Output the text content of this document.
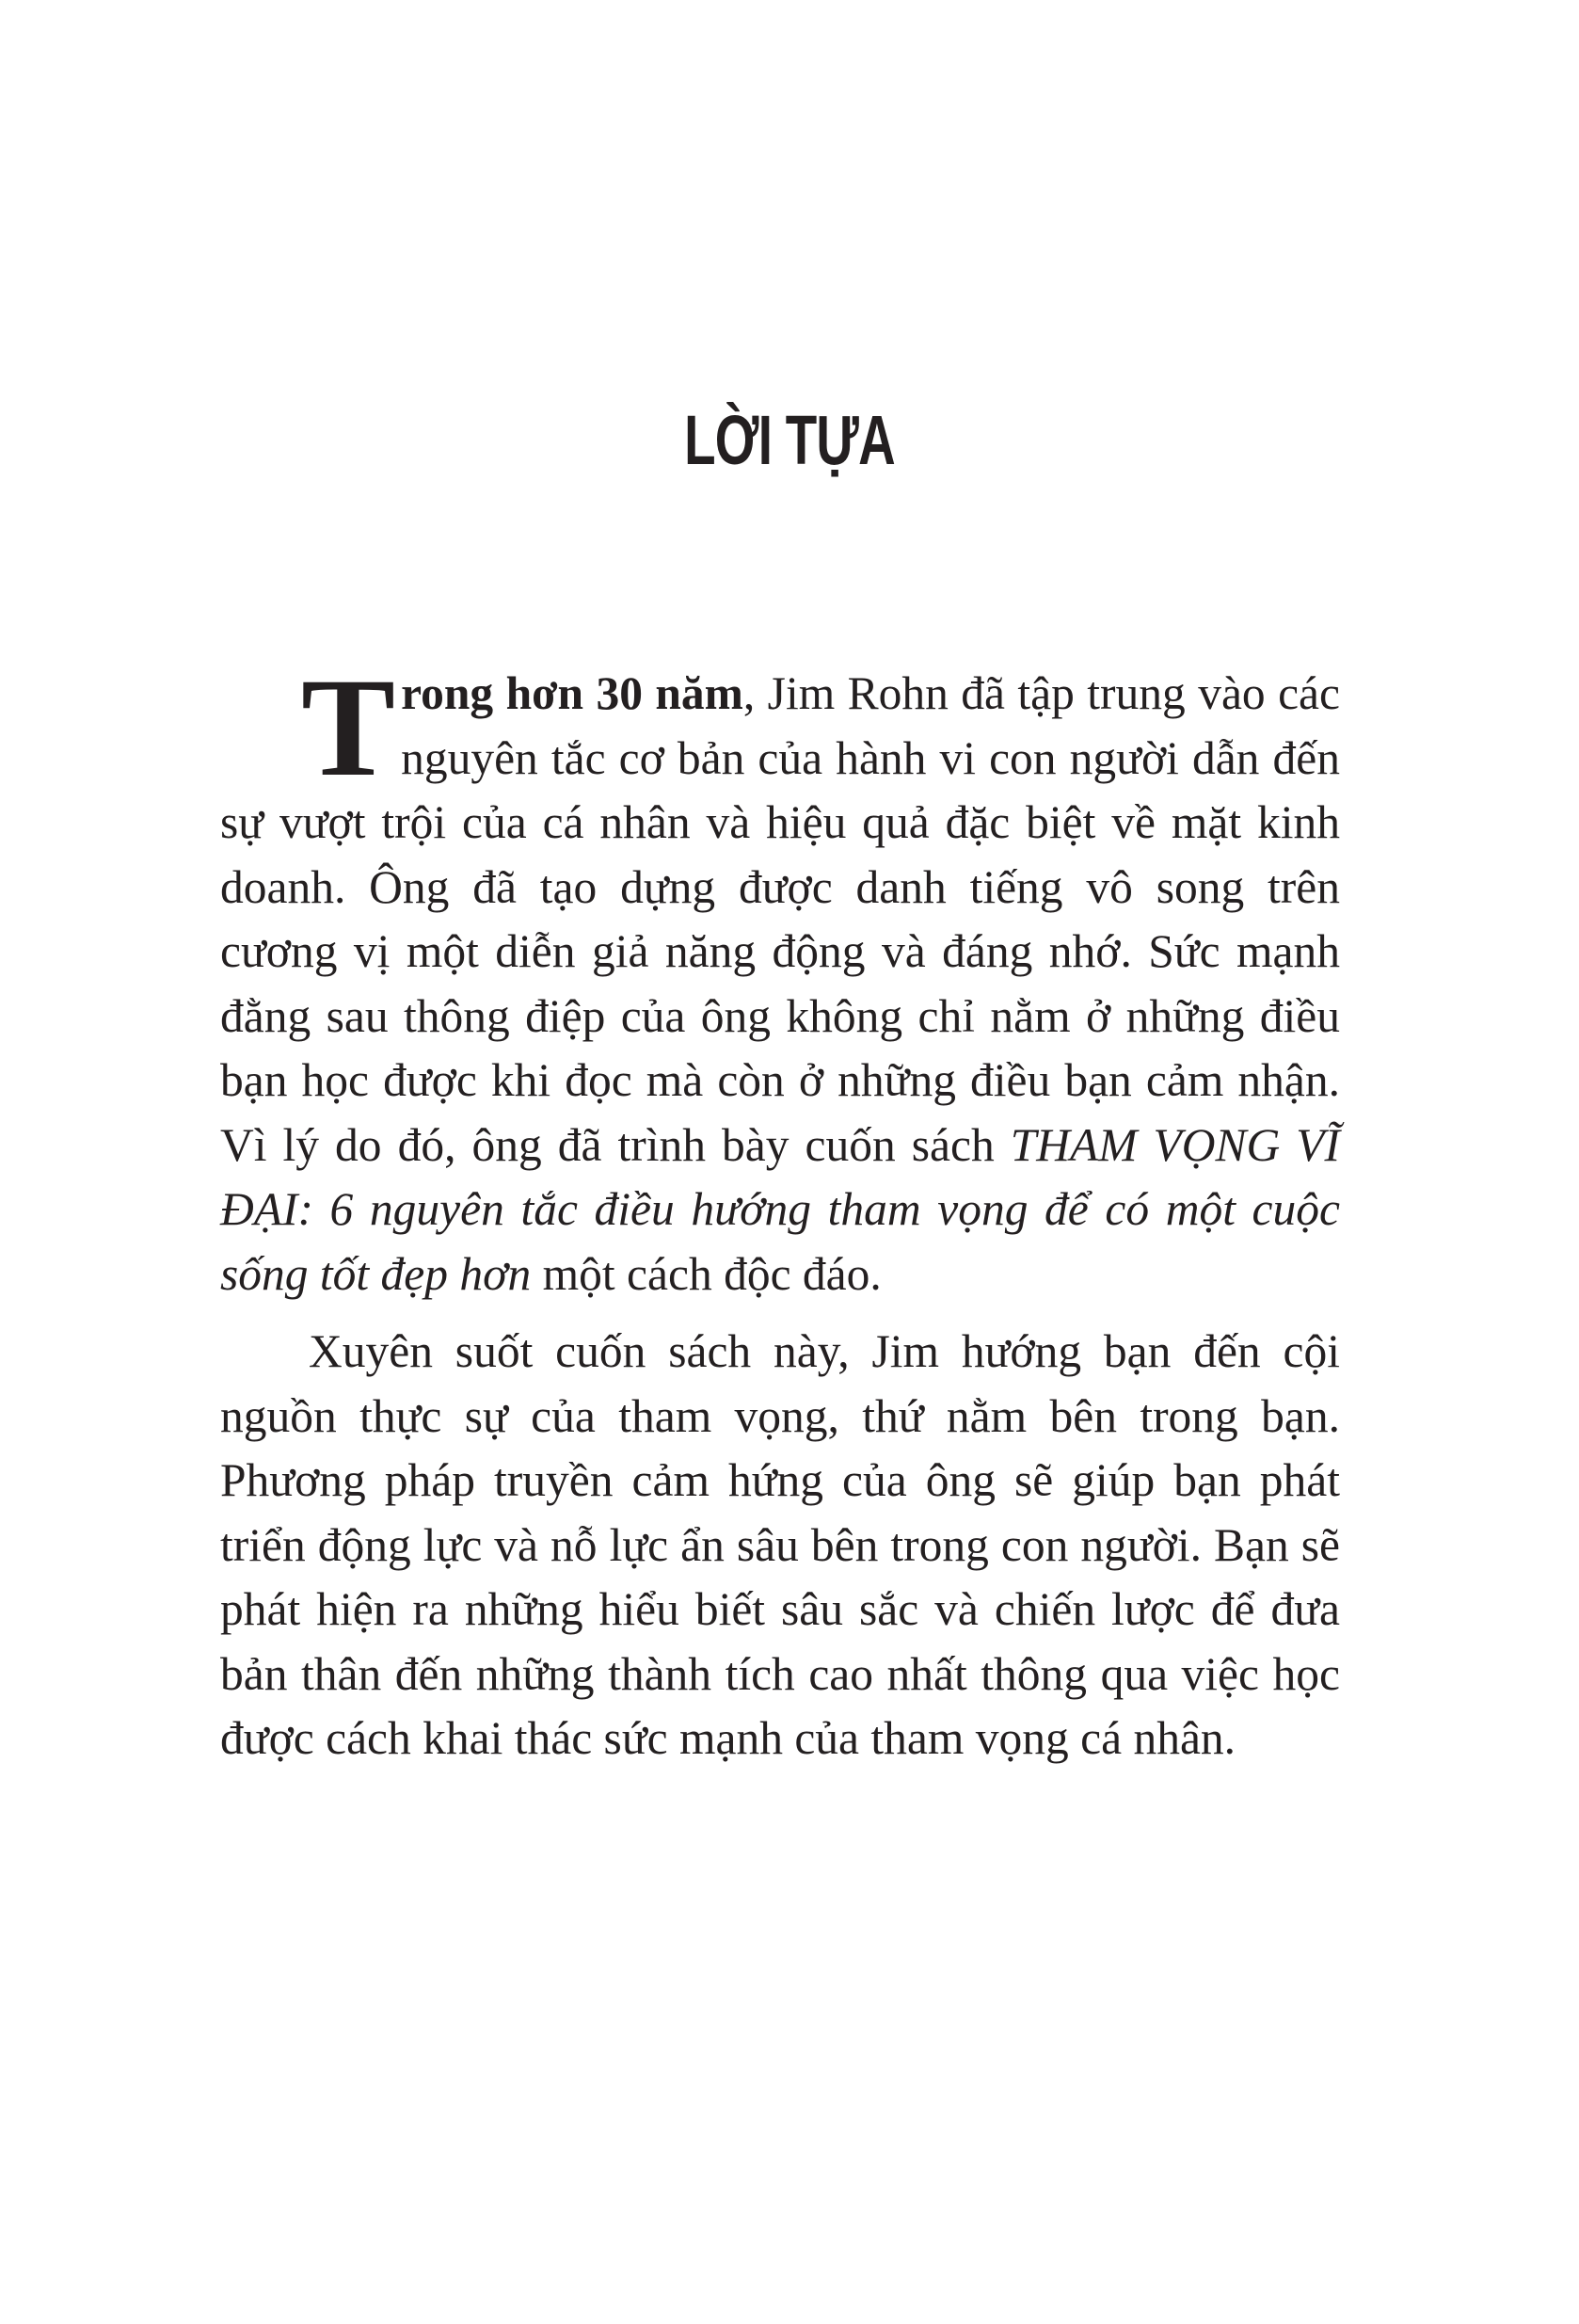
LỜI TỰA

Trong hơn 30 năm, Jim Rohn đã tập trung vào các nguyên tắc cơ bản của hành vi con người dẫn đến sự vượt trội của cá nhân và hiệu quả đặc biệt về mặt kinh doanh. Ông đã tạo dựng được danh tiếng vô song trên cương vị một diễn giả năng động và đáng nhớ. Sức mạnh đằng sau thông điệp của ông không chỉ nằm ở những điều bạn học được khi đọc mà còn ở những điều bạn cảm nhận. Vì lý do đó, ông đã trình bày cuốn sách THAM VỌNG VĨ ĐẠI: 6 nguyên tắc điều hướng tham vọng để có một cuộc sống tốt đẹp hơn một cách độc đáo.

Xuyên suốt cuốn sách này, Jim hướng bạn đến cội nguồn thực sự của tham vọng, thứ nằm bên trong bạn. Phương pháp truyền cảm hứng của ông sẽ giúp bạn phát triển động lực và nỗ lực ẩn sâu bên trong con người. Bạn sẽ phát hiện ra những hiểu biết sâu sắc và chiến lược để đưa bản thân đến những thành tích cao nhất thông qua việc học được cách khai thác sức mạnh của tham vọng cá nhân.
